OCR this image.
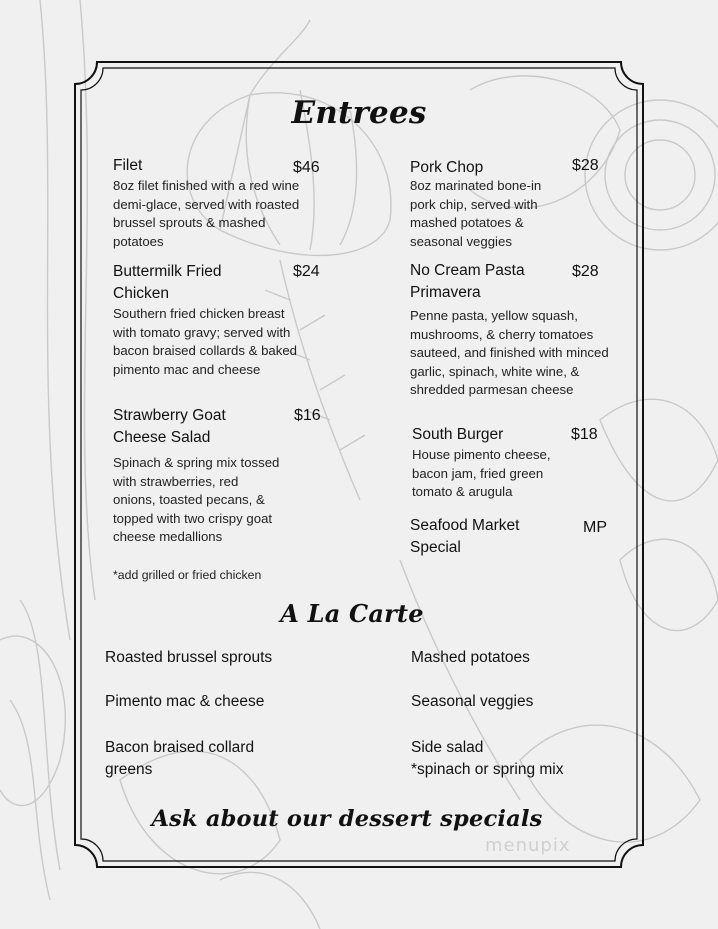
Entrees
Filet	$46
8oz filet finished with a red wine demi-glace, served with roasted brussel sprouts & mashed potatoes
Buttermilk Fried Chicken
$24
Southern fried chicken breast with tomato gravy; served with bacon braised collards & baked pimento mac and cheese
Strawberry Goat Cheese Salad
$16
Spinach & spring mix tossed with strawberries, red onions, toasted pecans, & topped with two crispy goat cheese medallions
*add grilled or fried chicken
Pork Chop	$28
8oz marinated bone-in pork chip, served with mashed potatoes & seasonal veggies
No Cream Pasta Primavera
$28
Penne pasta, yellow squash, mushrooms, & cherry tomatoes sauteed, and finished with minced garlic, spinach, white wine, & shredded parmesan cheese
South Burger	$18
House pimento cheese, bacon jam, fried green tomato & arugula
Seafood Market Special
MP
A La Carte
Roasted brussel sprouts
Pimento mac & cheese
Bacon braised collard greens
Mashed potatoes
Seasonal veggies
Side salad
*spinach or spring mix
Ask about our dessert specials
menupix
